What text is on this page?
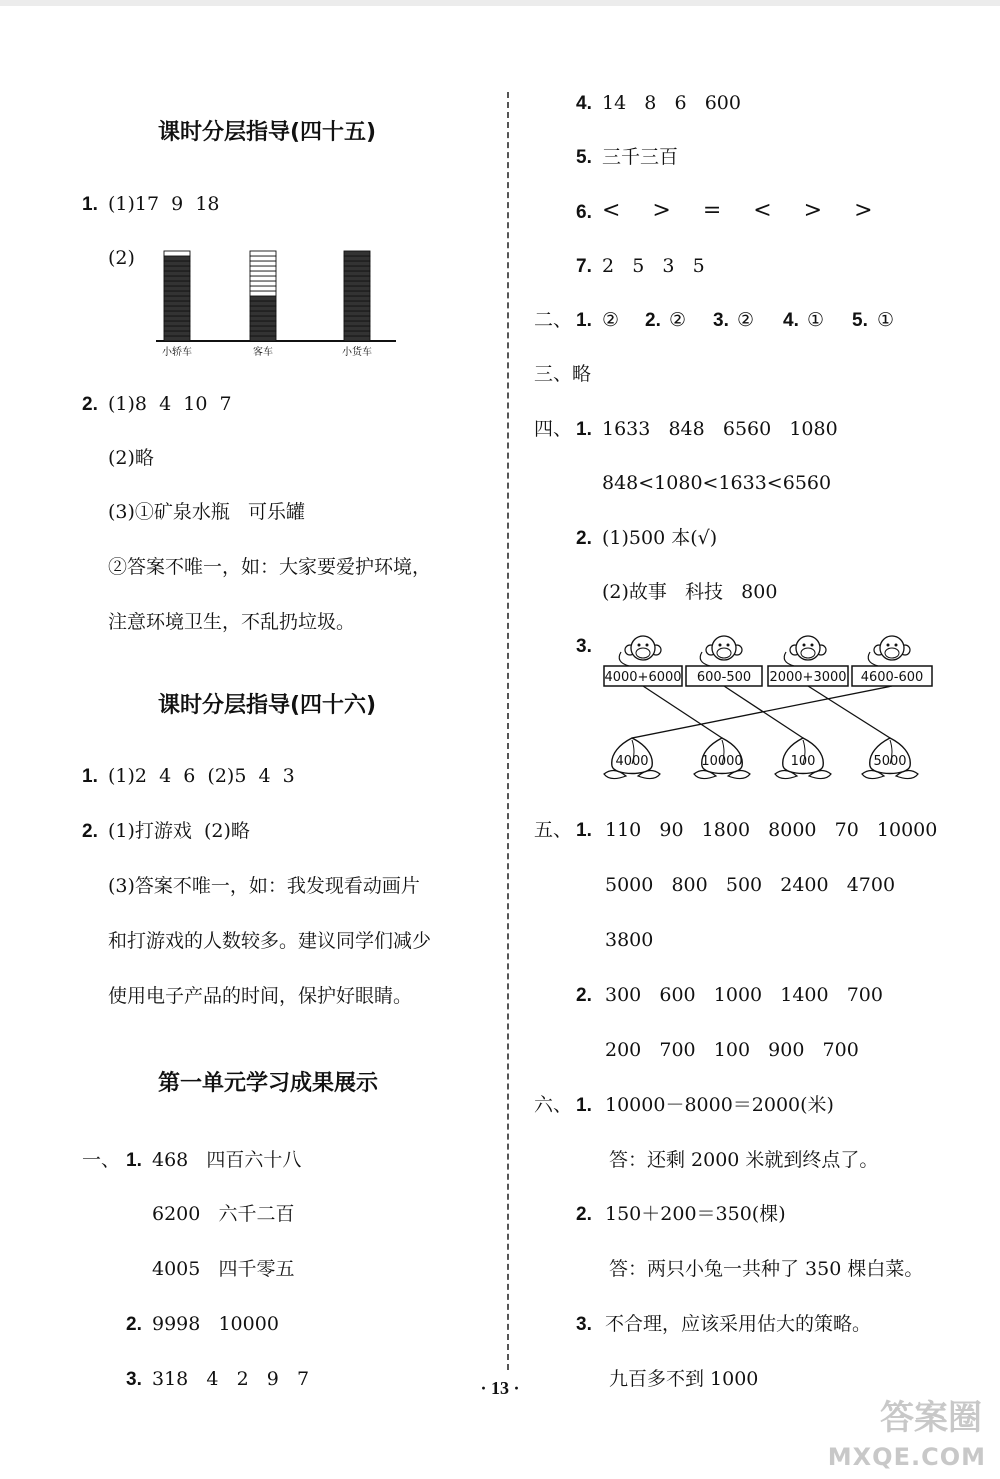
课时分层指导(四十五)
1. (1)17  9  18
(2)
小轿车	客车	小货车
2. (1)8  4  10  7
(2)略
(3)①矿泉水瓶   可乐罐
②答案不唯一，如：大家要爱护环境，
注意环境卫生，不乱扔垃圾。
课时分层指导(四十六)
1. (1)2  4  6  (2)5  4  3
2. (1)打游戏  (2)略
(3)答案不唯一，如：我发现看动画片
和打游戏的人数较多。建议同学们减少
使用电子产品的时间，保护好眼睛。
第一单元学习成果展示
一、 1. 468   四百六十八
6200   六千二百
4005   四千零五
2. 9998   10000
3. 318   4   2   9   7
4. 14   8   6   600
5. 三千三百
6. <  >  =  <  >  >
7. 2   5   3   5
二、 1. ② 2. ② 3. ② 4. ① 5. ①
三、略
四、 1. 1633   848   6560   1080
848<1080<1633<6560
2. (1)500 本(√)
(2)故事   科技   800
3.
4000+6000 600-500 2000+3000 4600-600
4000	10000	100	5000
五、 1. 110   90   1800   8000   70   10000
5000   800   500   2400   4700
3800
2. 300   600   1000   1400   700
200   700   100   900   700
六、 1. 10000－8000＝2000(米)
答：还剩 2000 米就到终点了。
2. 150＋200＝350(棵)
答：两只小兔一共种了 350 棵白菜。
3. 不合理，应该采用估大的策略。
九百多不到 1000
· 13 ·
答案圈
MXQE.COM
